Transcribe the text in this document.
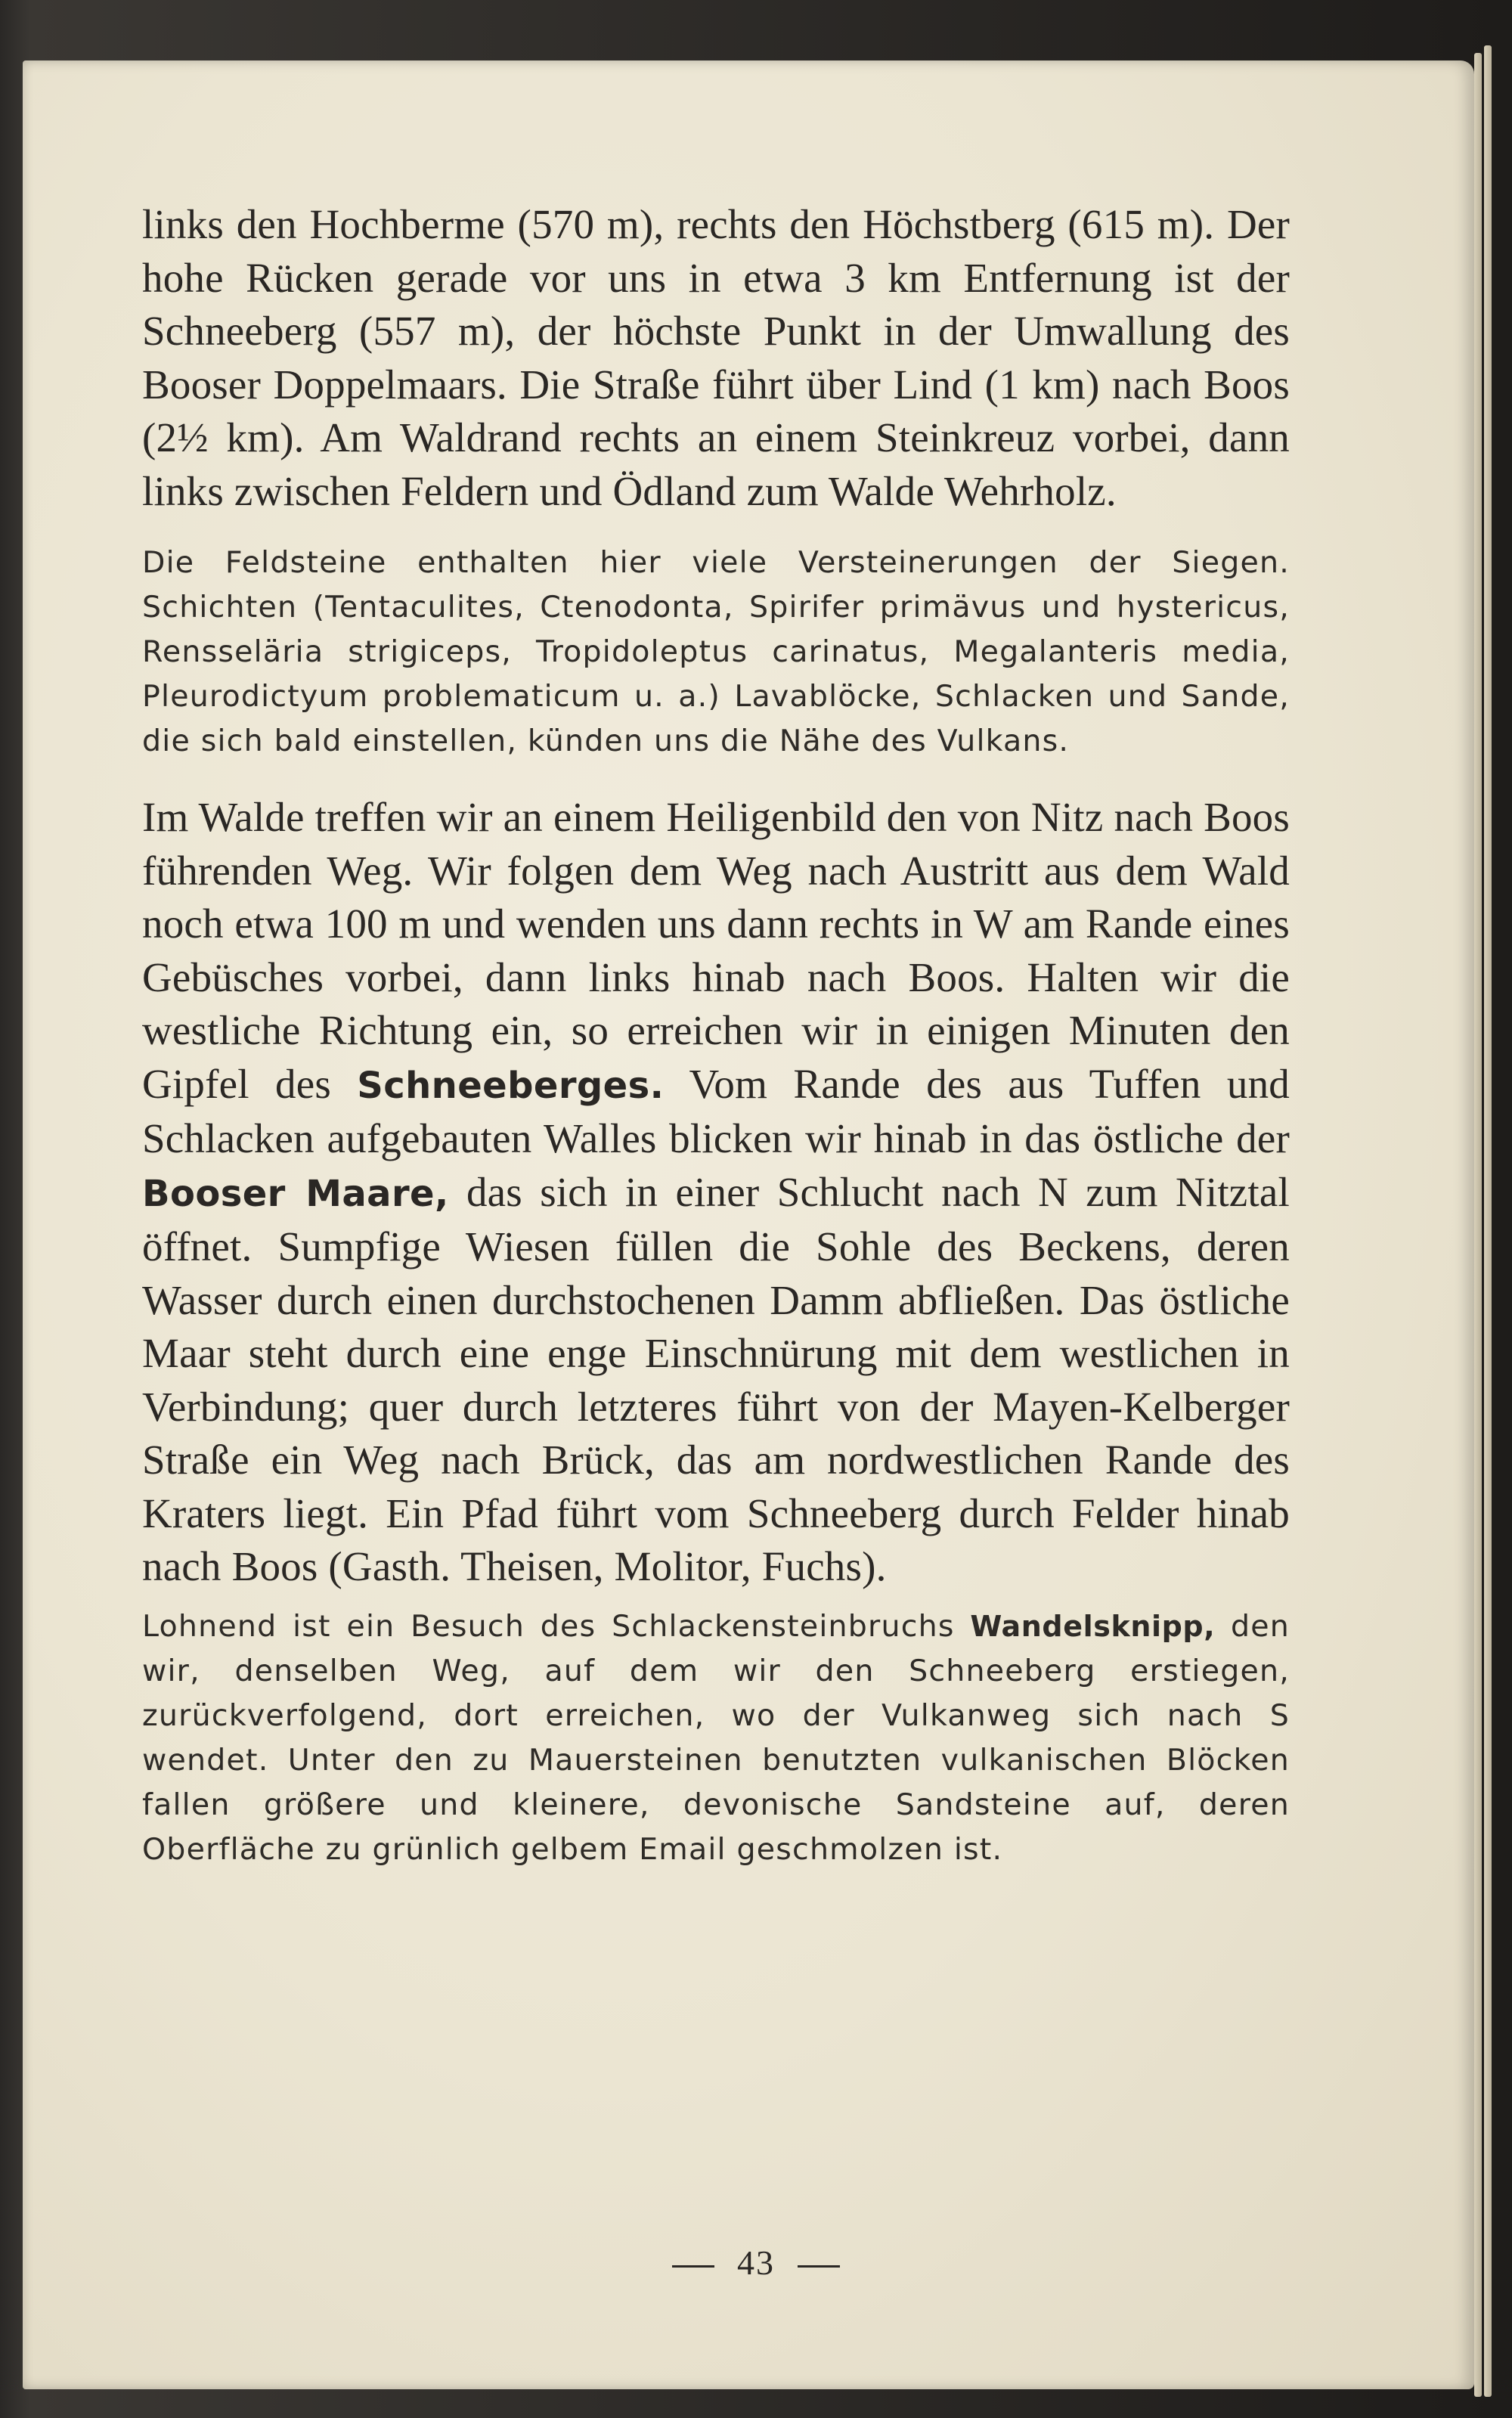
links den Hochberme (570 m), rechts den Höchstberg (615 m). Der hohe Rücken gerade vor uns in etwa 3 km Entfernung ist der Schneeberg (557 m), der höchste Punkt in der Umwallung des Booser Doppelmaars. Die Straße führt über Lind (1 km) nach Boos (2½ km). Am Waldrand rechts an einem Steinkreuz vorbei, dann links zwischen Feldern und Ödland zum Walde Wehrholz.

Die Feldsteine enthalten hier viele Versteinerungen der Siegen. Schichten (Tentaculites, Ctenodonta, Spirifer primävus und hystericus, Rensseläria strigiceps, Tropidoleptus carinatus, Megalanteris media, Pleurodictyum problematicum u. a.) Lavablöcke, Schlacken und Sande, die sich bald einstellen, künden uns die Nähe des Vulkans.

Im Walde treffen wir an einem Heiligenbild den von Nitz nach Boos führenden Weg. Wir folgen dem Weg nach Austritt aus dem Wald noch etwa 100 m und wenden uns dann rechts in W am Rande eines Gebüsches vorbei, dann links hinab nach Boos. Halten wir die westliche Richtung ein, so erreichen wir in einigen Minuten den Gipfel des Schneeberges. Vom Rande des aus Tuffen und Schlacken aufgebauten Walles blicken wir hinab in das östliche der Booser Maare, das sich in einer Schlucht nach N zum Nitztal öffnet. Sumpfige Wiesen füllen die Sohle des Beckens, deren Wasser durch einen durchstochenen Damm abfließen. Das östliche Maar steht durch eine enge Einschnürung mit dem westlichen in Verbindung; quer durch letzteres führt von der Mayen-Kelberger Straße ein Weg nach Brück, das am nordwestlichen Rande des Kraters liegt. Ein Pfad führt vom Schneeberg durch Felder hinab nach Boos (Gasth. Theisen, Molitor, Fuchs).

Lohnend ist ein Besuch des Schlackensteinbruchs Wandelsknipp, den wir, denselben Weg, auf dem wir den Schneeberg erstiegen, zurückverfolgend, dort erreichen, wo der Vulkanweg sich nach S wendet. Unter den zu Mauersteinen benutzten vulkanischen Blöcken fallen größere und kleinere, devonische Sandsteine auf, deren Oberfläche zu grünlich gelbem Email geschmolzen ist.

43
